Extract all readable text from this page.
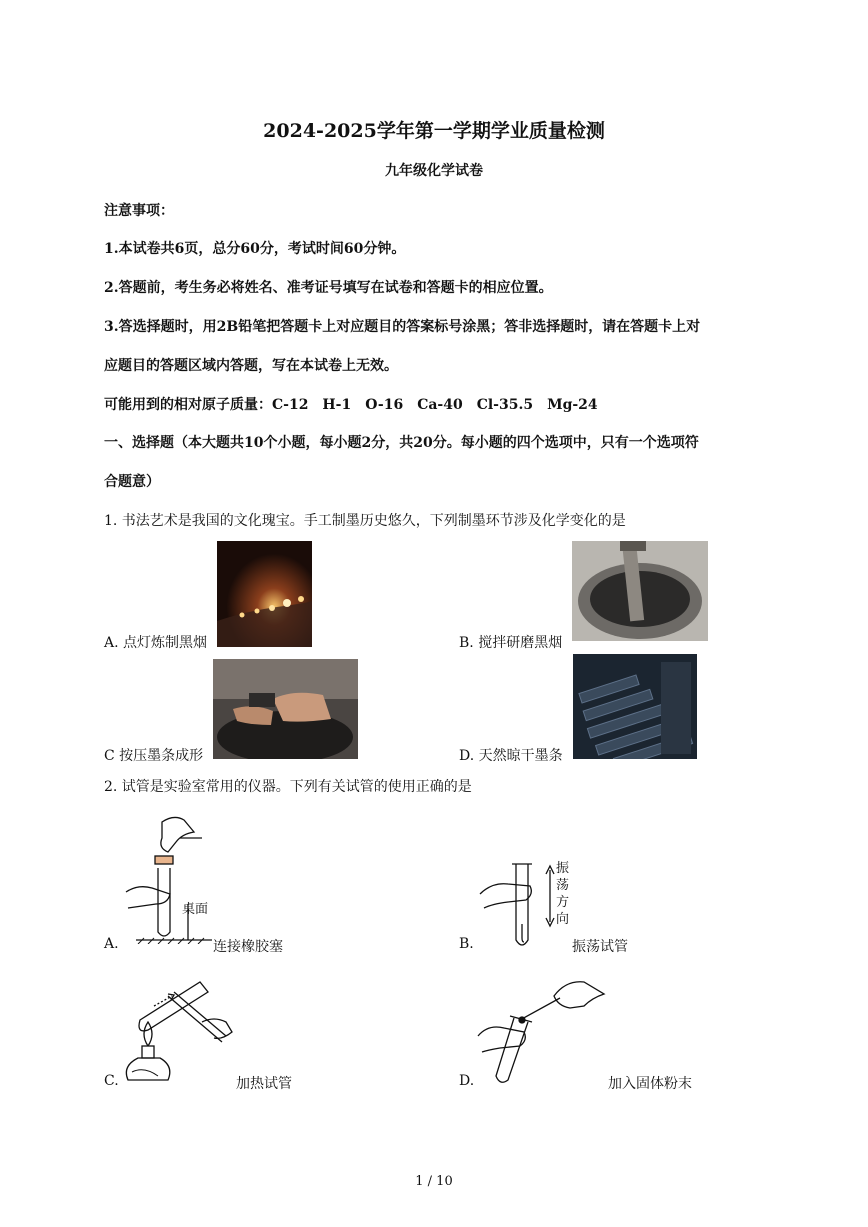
2024-2025学年第一学期学业质量检测
九年级化学试卷
注意事项：
1.本试卷共6页，总分60分，考试时间60分钟。
2.答题前，考生务必将姓名、准考证号填写在试卷和答题卡的相应位置。
3.答选择题时，用2B铅笔把答题卡上对应题目的答案标号涂黑；答非选择题时，请在答题卡上对
应题目的答题区域内答题，写在本试卷上无效。
可能用到的相对原子质量：C-12　H-1　O-16　Ca-40　Cl-35.5　Mg-24
一、选择题（本大题共10个小题，每小题2分，共20分。每小题的四个选项中，只有一个选项符
合题意）
1. 书法艺术是我国的文化瑰宝。手工制墨历史悠久，下列制墨环节涉及化学变化的是
A. 点灯炼制黑烟	B. 搅拌研磨黑烟
C 按压墨条成形	D. 天然晾干墨条
2. 试管是实验室常用的仪器。下列有关试管的使用正确的是
A.	连接橡胶塞
桌面
B.	振荡试管
振荡方向
C.	加热试管	D.	加入固体粉末
1 / 10
